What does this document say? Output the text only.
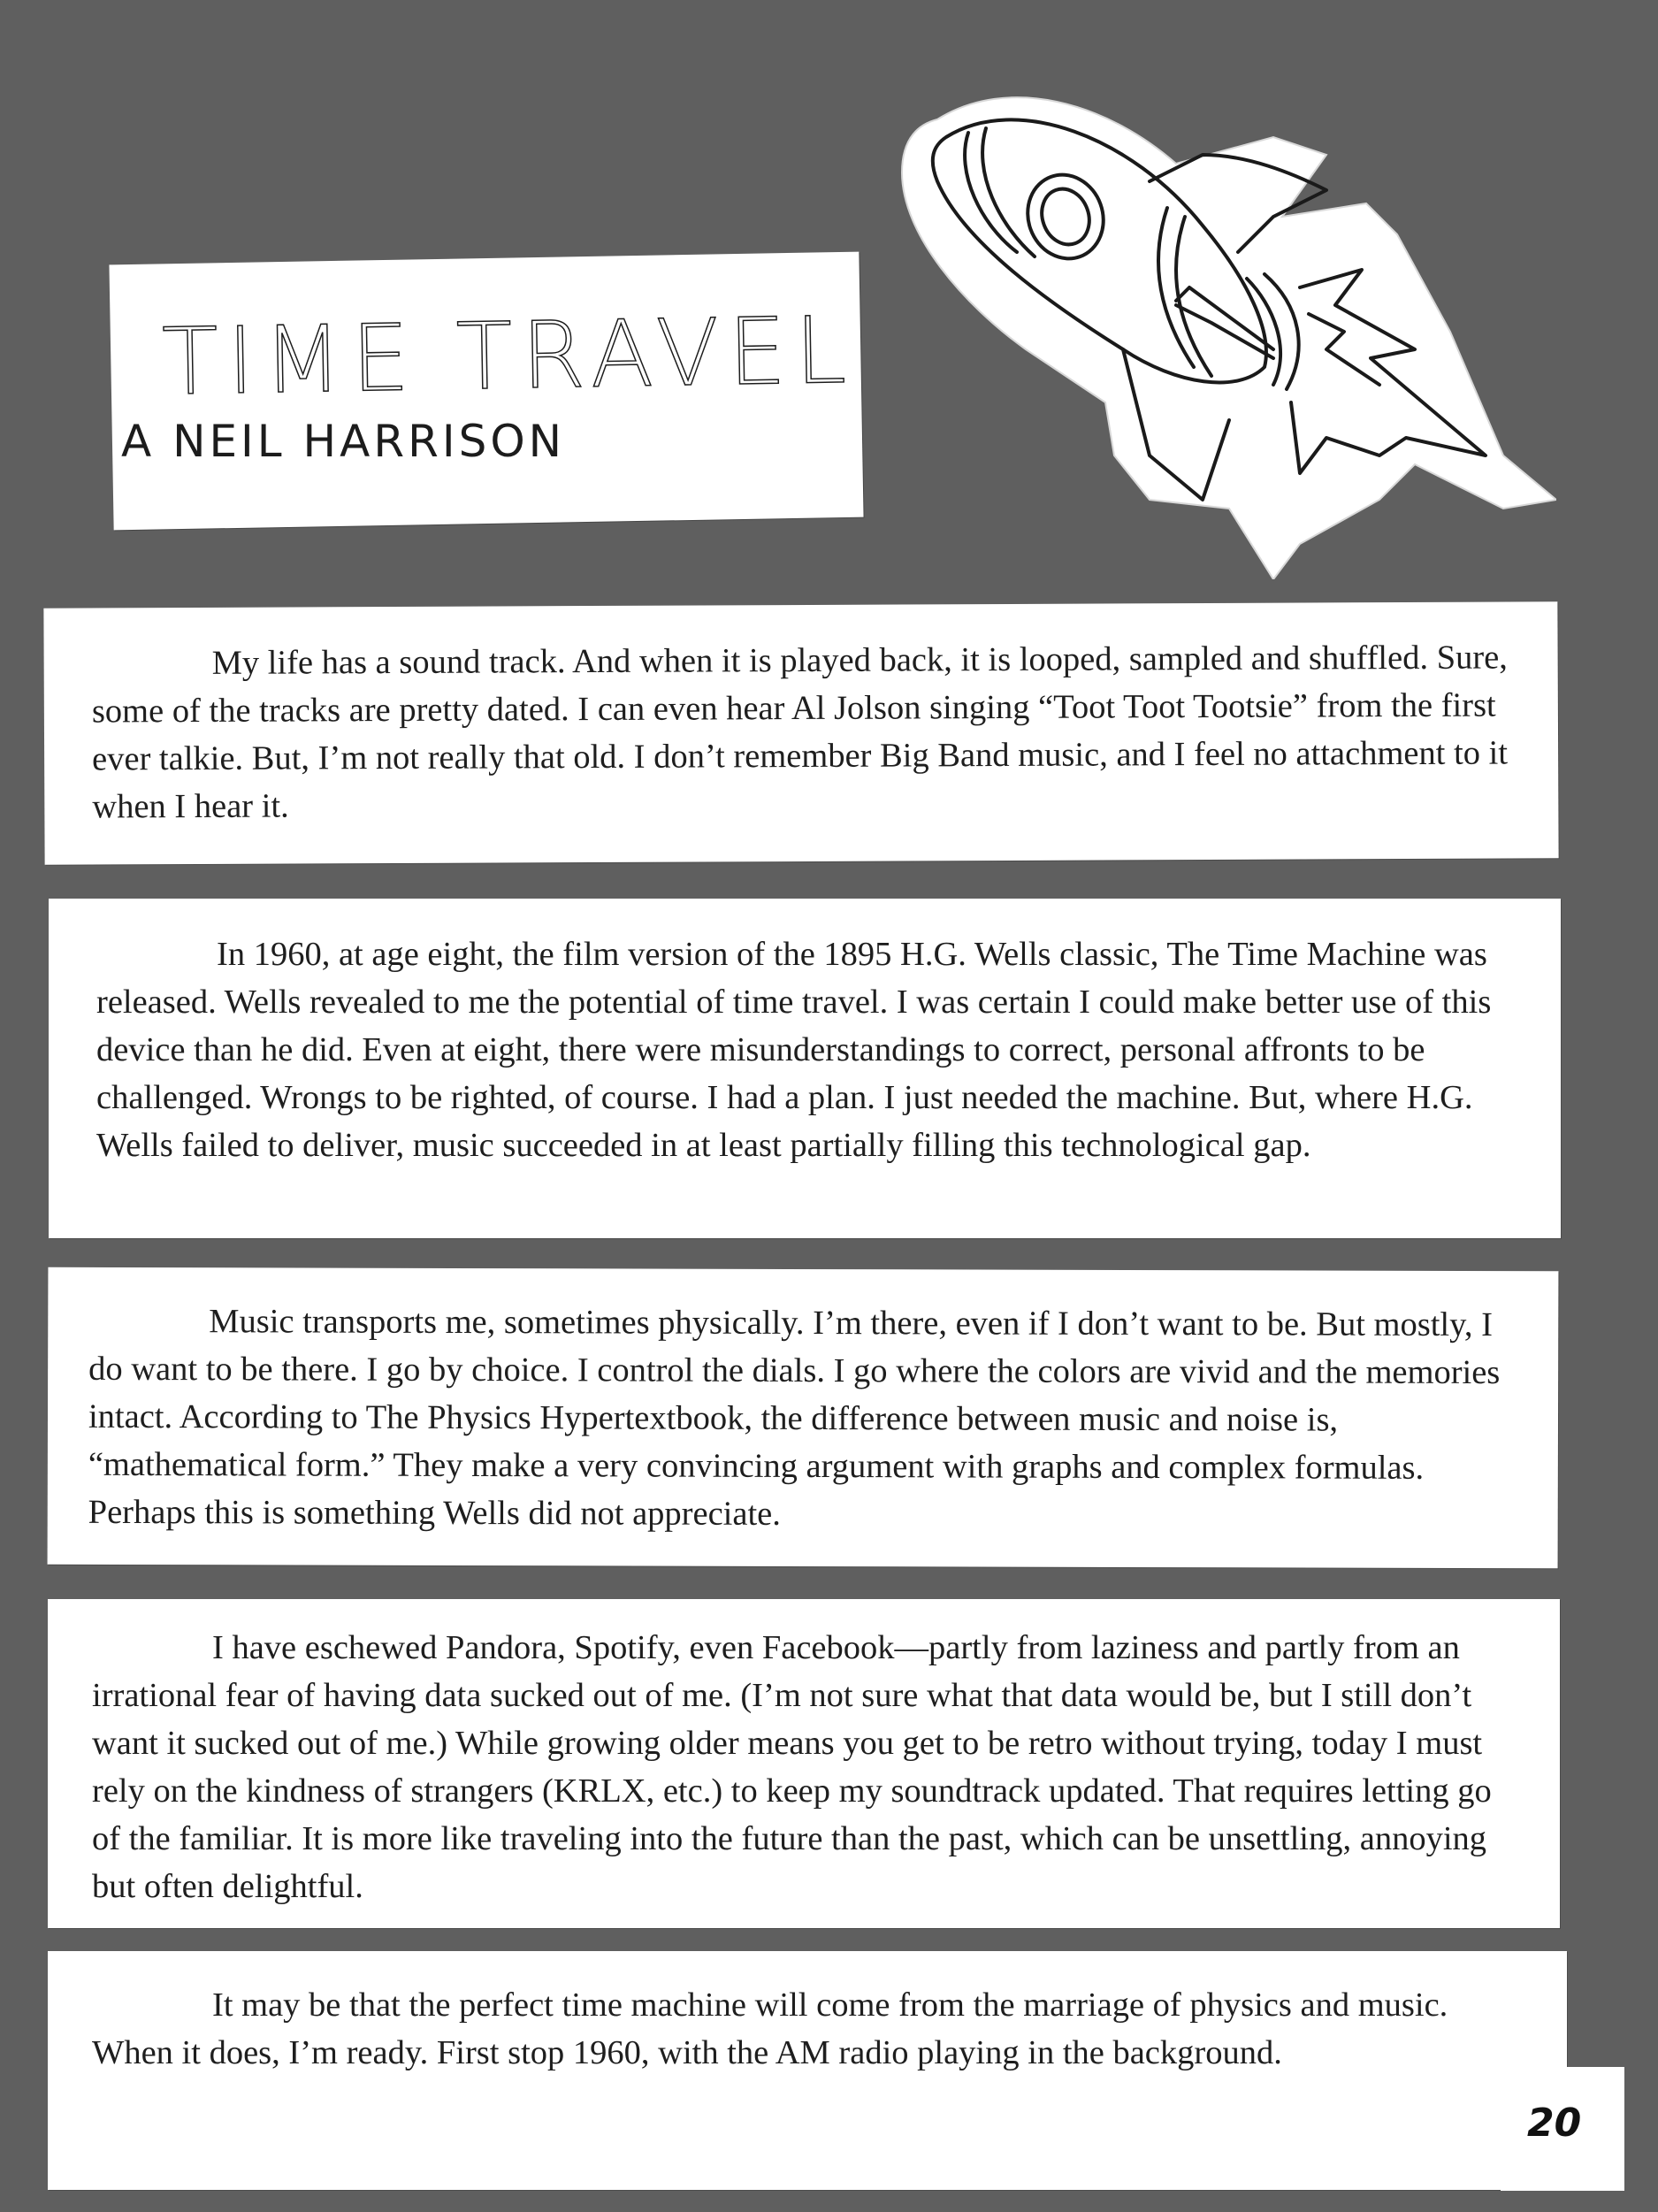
TIME TRAVEL
A NEIL HARRISON

My life has a sound track. And when it is played back, it is looped, sampled and shuffled. Sure, some of the tracks are pretty dated. I can even hear Al Jolson singing “Toot Toot Tootsie” from the first ever talkie. But, I’m not really that old. I don’t remember Big Band music, and I feel no attachment to it when I hear it.

In 1960, at age eight, the film version of the 1895 H.G. Wells classic, The Time Machine was released. Wells revealed to me the potential of time travel. I was certain I could make better use of this device than he did. Even at eight, there were misunderstandings to correct, personal affronts to be challenged. Wrongs to be righted, of course. I had a plan. I just needed the machine. But, where H.G. Wells failed to deliver, music succeeded in at least partially filling this technological gap.

Music transports me, sometimes physically. I’m there, even if I don’t want to be. But mostly, I do want to be there. I go by choice. I control the dials. I go where the colors are vivid and the memories intact. According to The Physics Hypertextbook, the difference between music and noise is, “mathematical form.” They make a very convincing argument with graphs and complex formulas. Perhaps this is something Wells did not appreciate.

I have eschewed Pandora, Spotify, even Facebook—partly from laziness and partly from an irrational fear of having data sucked out of me. (I’m not sure what that data would be, but I still don’t want it sucked out of me.) While growing older means you get to be retro without trying, today I must rely on the kindness of strangers (KRLX, etc.) to keep my soundtrack updated. That requires letting go of the familiar. It is more like traveling into the future than the past, which can be unsettling, annoying but often delightful.

It may be that the perfect time machine will come from the marriage of physics and music. When it does, I’m ready. First stop 1960, with the AM radio playing in the background.

20
